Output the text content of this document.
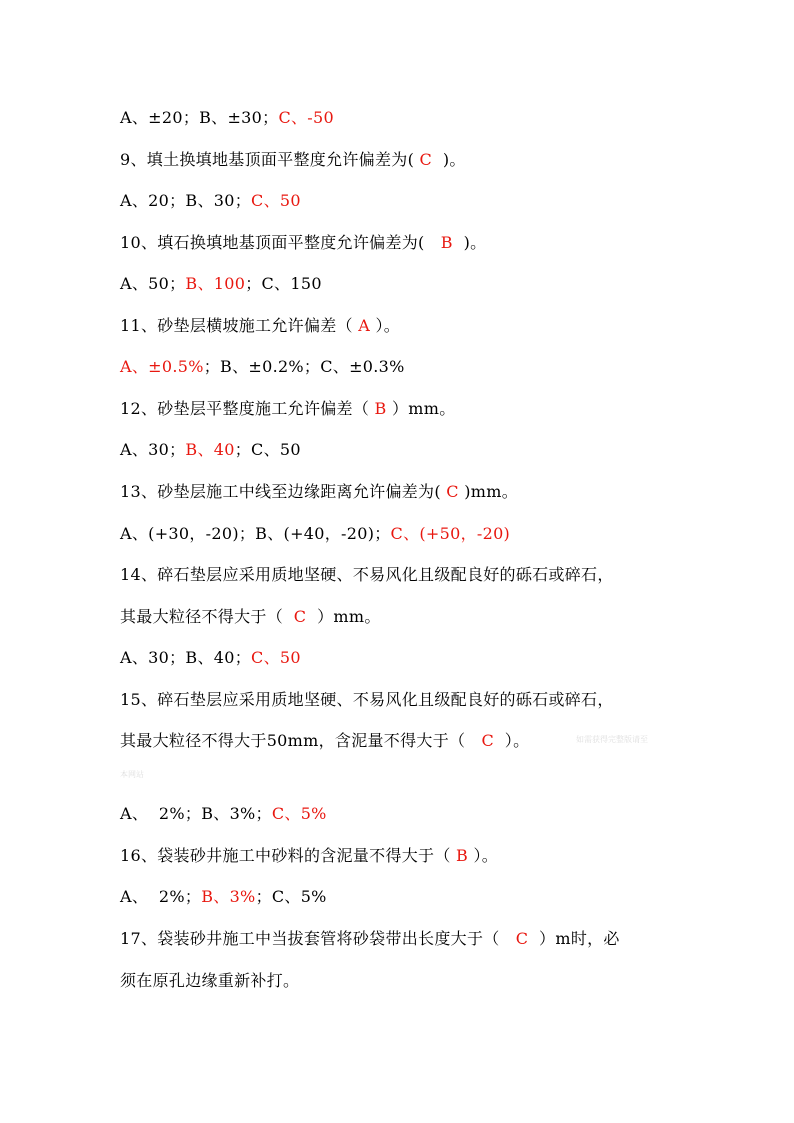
A、±20；B、±30；C、-50
9、填土换填地基顶面平整度允许偏差为( C  )。
A、20；B、30；C、50
10、填石换填地基顶面平整度允许偏差为(   B  )。
A、50；B、100；C、150
11、砂垫层横坡施工允许偏差（ A ）。
A、±0.5%；B、±0.2%；C、±0.3%
12、砂垫层平整度施工允许偏差（ B ）mm。
A、30；B、40；C、50
13、砂垫层施工中线至边缘距离允许偏差为( C )mm。
A、(+30，-20)；B、(+40，-20)；C、(+50，-20)
14、碎石垫层应采用质地坚硬、不易风化且级配良好的砾石或碎石，
其最大粒径不得大于（  C  ）mm。
A、30；B、40；C、50
15、碎石垫层应采用质地坚硬、不易风化且级配良好的砾石或碎石，
其最大粒径不得大于50mm，含泥量不得大于（   C  ）。
A、  2%；B、3%；C、5%
16、袋装砂井施工中砂料的含泥量不得大于（ B ）。
A、  2%；B、3%；C、5%
17、袋装砂井施工中当拔套管将砂袋带出长度大于（   C  ）m时，必
须在原孔边缘重新补打。
如需获得完整版请至
本网站
